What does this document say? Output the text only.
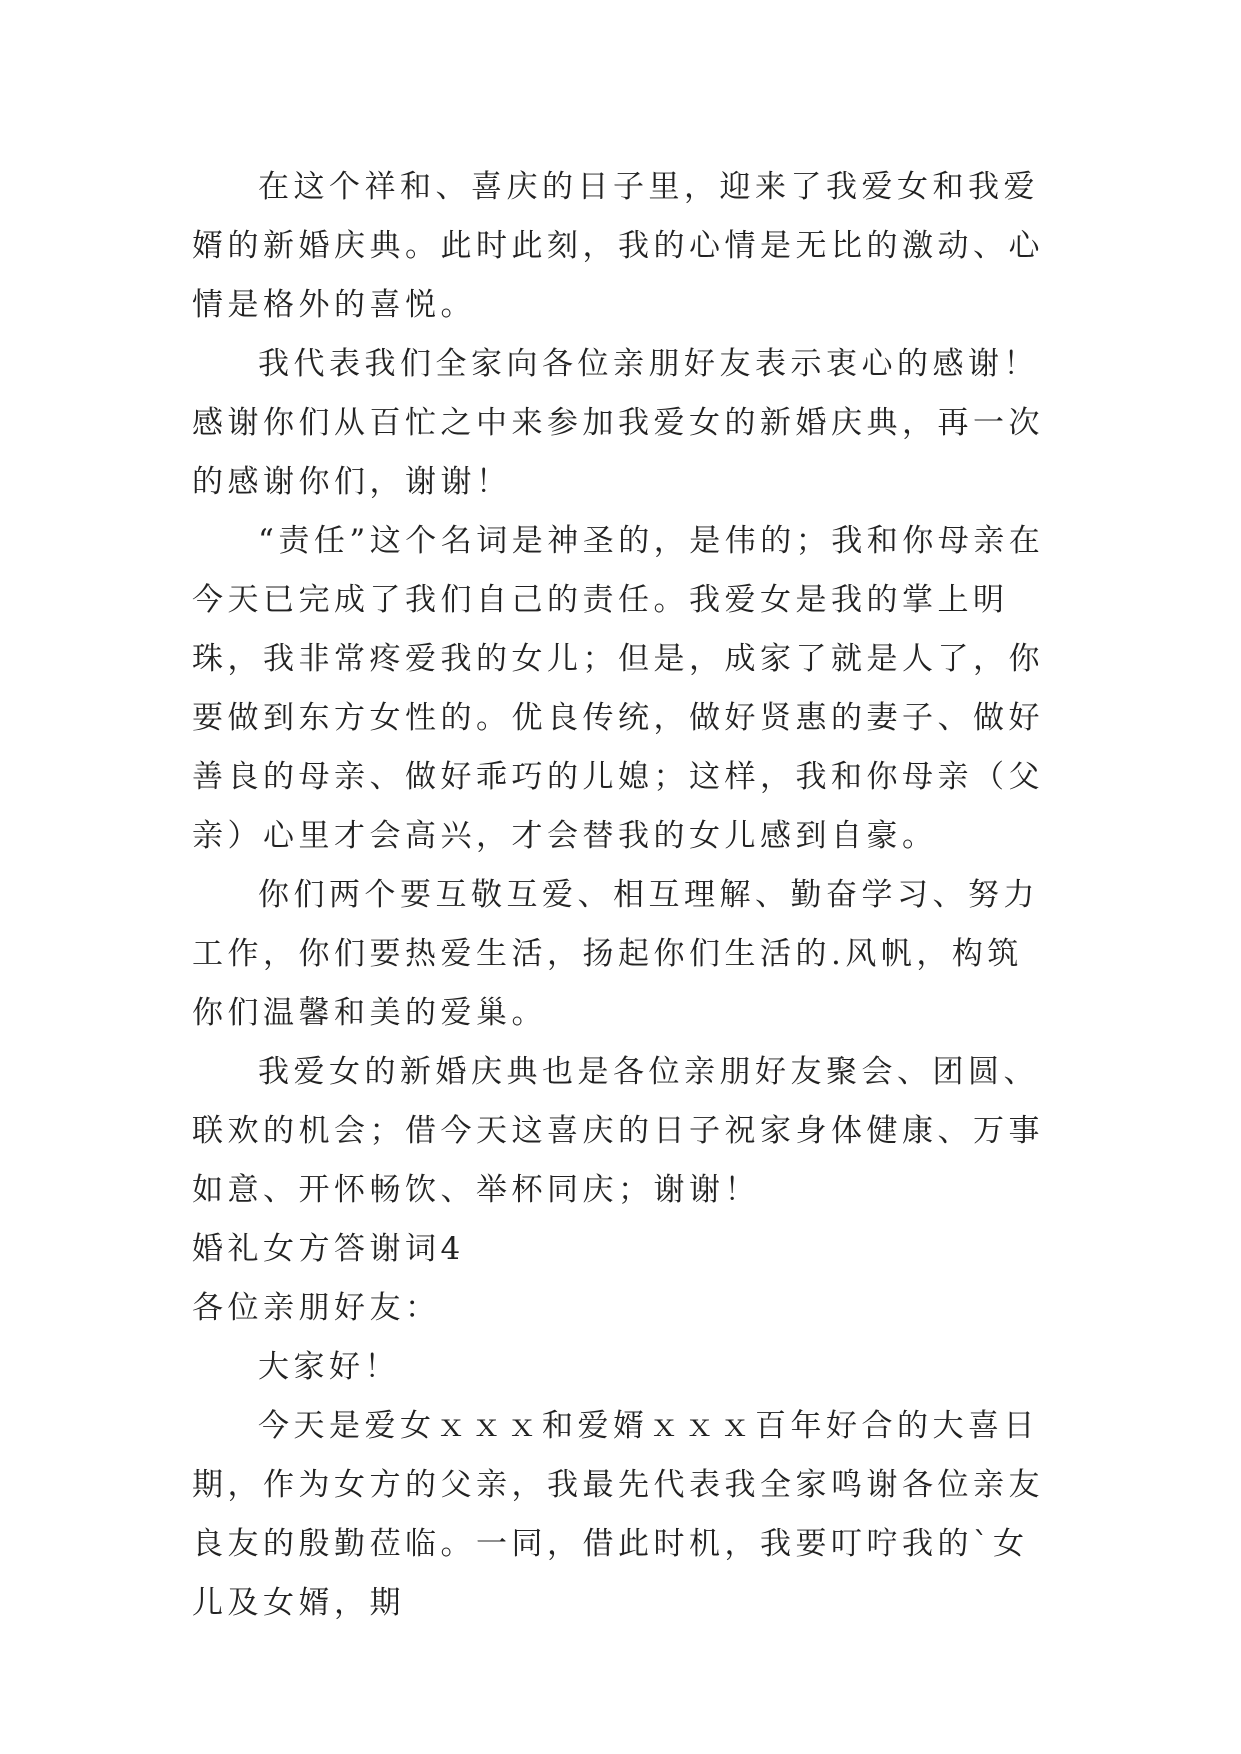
在这个祥和、喜庆的日子里，迎来了我爱女和我爱婿的新婚庆典。此时此刻，我的心情是无比的激动、心情是格外的喜悦。

我代表我们全家向各位亲朋好友表示衷心的感谢！感谢你们从百忙之中来参加我爱女的新婚庆典，再一次的感谢你们，谢谢！

“责任”这个名词是神圣的，是伟的；我和你母亲在今天已完成了我们自己的责任。我爱女是我的掌上明珠，我非常疼爱我的女儿；但是，成家了就是人了，你要做到东方女性的。优良传统，做好贤惠的妻子、做好善良的母亲、做好乖巧的儿媳；这样，我和你母亲（父亲）心里才会高兴，才会替我的女儿感到自豪。

你们两个要互敬互爱、相互理解、勤奋学习、努力工作，你们要热爱生活，扬起你们生活的.风帆，构筑你们温馨和美的爱巢。

我爱女的新婚庆典也是各位亲朋好友聚会、团圆、联欢的机会；借今天这喜庆的日子祝家身体健康、万事如意、开怀畅饮、举杯同庆；谢谢！

婚礼女方答谢词4

各位亲朋好友：

大家好！

今天是爱女ｘｘｘ和爱婿ｘｘｘ百年好合的大喜日期，作为女方的父亲，我最先代表我全家鸣谢各位亲友良友的殷勤莅临。一同，借此时机，我要叮咛我的`女儿及女婿，期
